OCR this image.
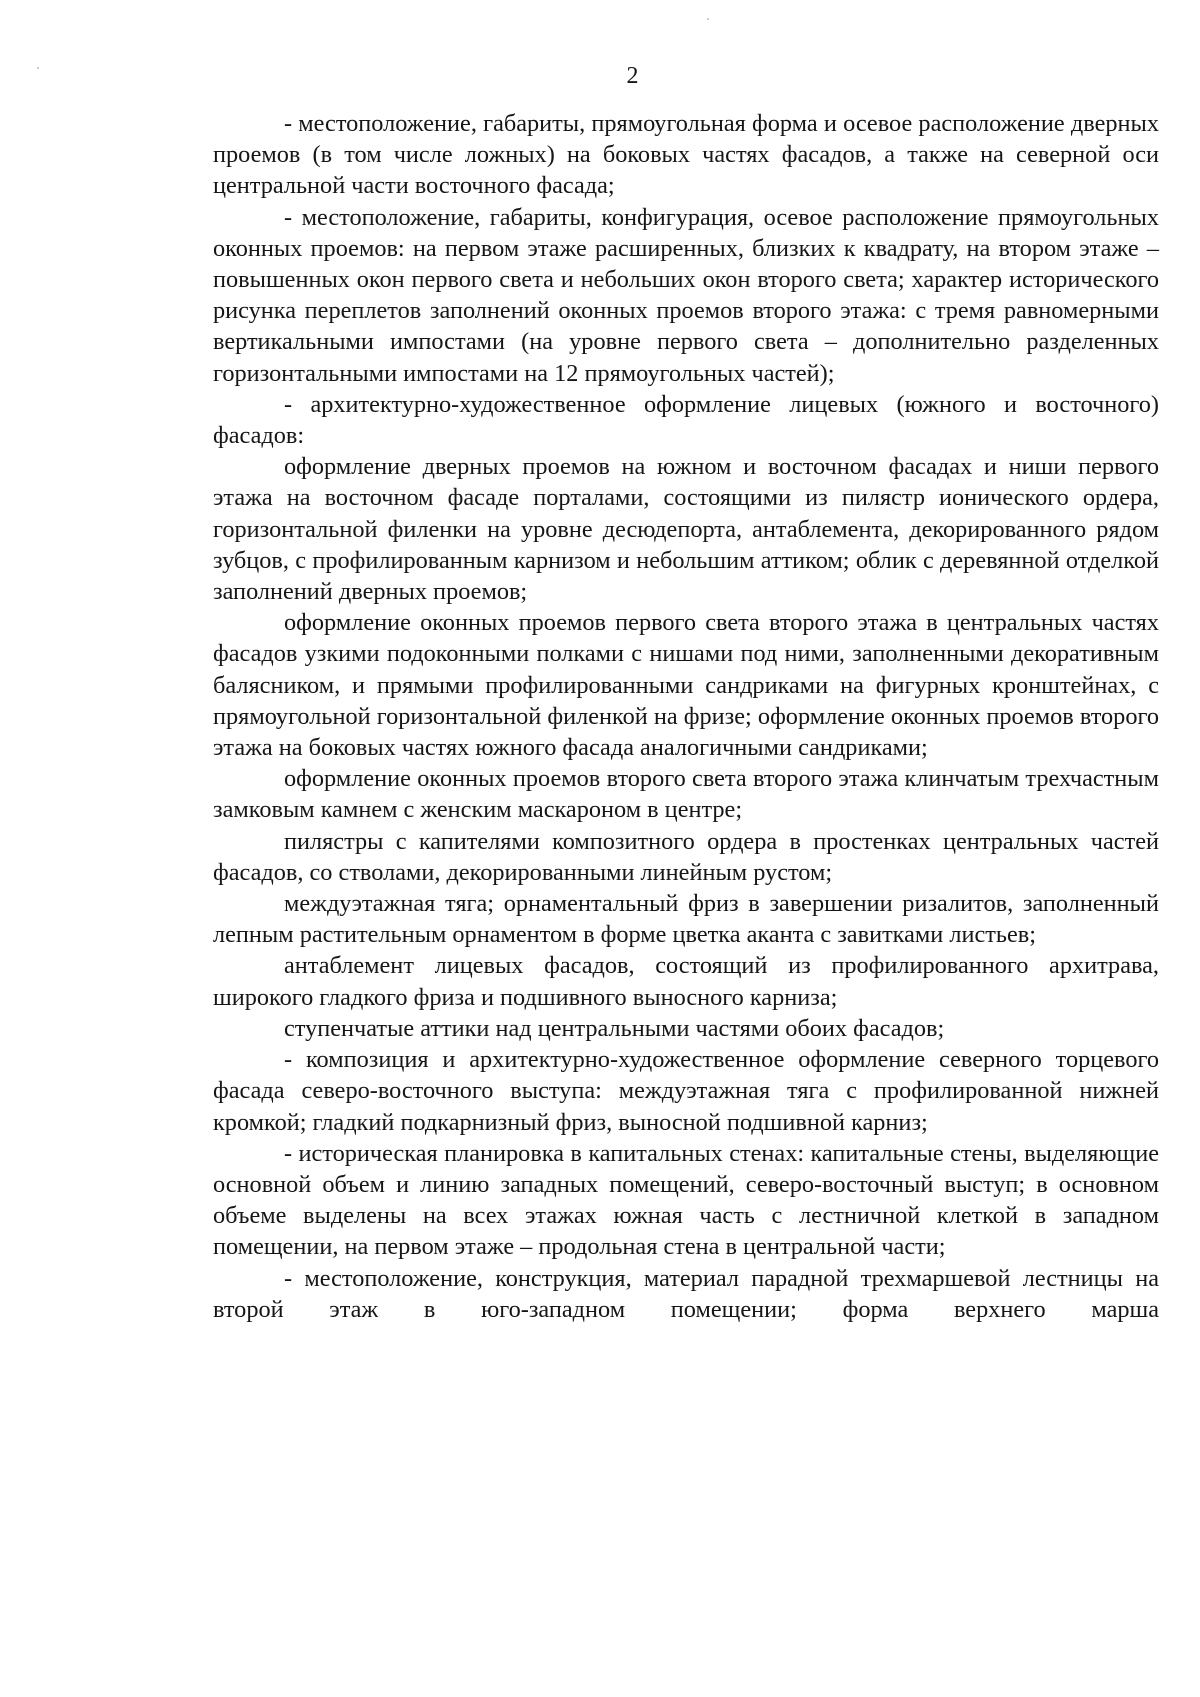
2

- местоположение, габариты, прямоугольная форма и осевое расположение дверных проемов (в том числе ложных) на боковых частях фасадов, а также на северной оси центральной части восточного фасада;

- местоположение, габариты, конфигурация, осевое расположение прямоугольных оконных проемов: на первом этаже расширенных, близких к квадрату, на втором этаже – повышенных окон первого света и небольших окон второго света; характер исторического рисунка переплетов заполнений оконных проемов второго этажа: с тремя равномерными вертикальными импостами (на уровне первого света – дополнительно разделенных горизонтальными импостами на 12 прямоугольных частей);

- архитектурно-художественное оформление лицевых (южного и восточного) фасадов:

оформление дверных проемов на южном и восточном фасадах и ниши первого этажа на восточном фасаде порталами, состоящими из пилястр ионического ордера, горизонтальной филенки на уровне десюдепорта, антаблемента, декорированного рядом зубцов, с профилированным карнизом и небольшим аттиком; облик с деревянной отделкой заполнений дверных проемов;

оформление оконных проемов первого света второго этажа в центральных частях фасадов узкими подоконными полками с нишами под ними, заполненными декоративным балясником, и прямыми профилированными сандриками на фигурных кронштейнах, с прямоугольной горизонтальной филенкой на фризе; оформление оконных проемов второго этажа на боковых частях южного фасада аналогичными сандриками;

оформление оконных проемов второго света второго этажа клинчатым трехчастным замковым камнем с женским маскароном в центре;

пилястры с капителями композитного ордера в простенках центральных частей фасадов, со стволами, декорированными линейным рустом;

междуэтажная тяга; орнаментальный фриз в завершении ризалитов, заполненный лепным растительным орнаментом в форме цветка аканта с завитками листьев;

антаблемент лицевых фасадов, состоящий из профилированного архитрава, широкого гладкого фриза и подшивного выносного карниза;

ступенчатые аттики над центральными частями обоих фасадов;

- композиция и архитектурно-художественное оформление северного торцевого фасада северо-восточного выступа: междуэтажная тяга с профилированной нижней кромкой; гладкий подкарнизный фриз, выносной подшивной карниз;

- историческая планировка в капитальных стенах: капитальные стены, выделяющие основной объем и линию западных помещений, северо-восточный выступ; в основном объеме выделены на всех этажах южная часть с лестничной клеткой в западном помещении, на первом этаже – продольная стена в центральной части;

- местоположение, конструкция, материал парадной трехмаршевой лестницы на второй этаж в юго-западном помещении; форма верхнего марша
